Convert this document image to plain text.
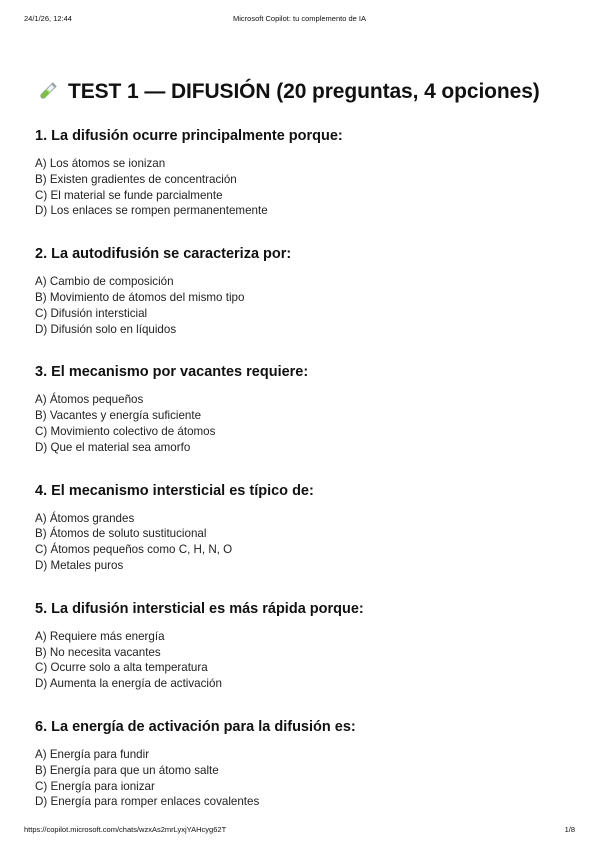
24/1/26, 12:44	Microsoft Copilot: tu complemento de IA
TEST 1 — DIFUSIÓN (20 preguntas, 4 opciones)
1. La difusión ocurre principalmente porque:
A) Los átomos se ionizan
B) Existen gradientes de concentración
C) El material se funde parcialmente
D) Los enlaces se rompen permanentemente
2. La autodifusión se caracteriza por:
A) Cambio de composición
B) Movimiento de átomos del mismo tipo
C) Difusión intersticial
D) Difusión solo en líquidos
3. El mecanismo por vacantes requiere:
A) Átomos pequeños
B) Vacantes y energía suficiente
C) Movimiento colectivo de átomos
D) Que el material sea amorfo
4. El mecanismo intersticial es típico de:
A) Átomos grandes
B) Átomos de soluto sustitucional
C) Átomos pequeños como C, H, N, O
D) Metales puros
5. La difusión intersticial es más rápida porque:
A) Requiere más energía
B) No necesita vacantes
C) Ocurre solo a alta temperatura
D) Aumenta la energía de activación
6. La energía de activación para la difusión es:
A) Energía para fundir
B) Energía para que un átomo salte
C) Energía para ionizar
D) Energía para romper enlaces covalentes
https://copilot.microsoft.com/chats/wzxAs2mrLyxjYAHcyg62T	1/8
